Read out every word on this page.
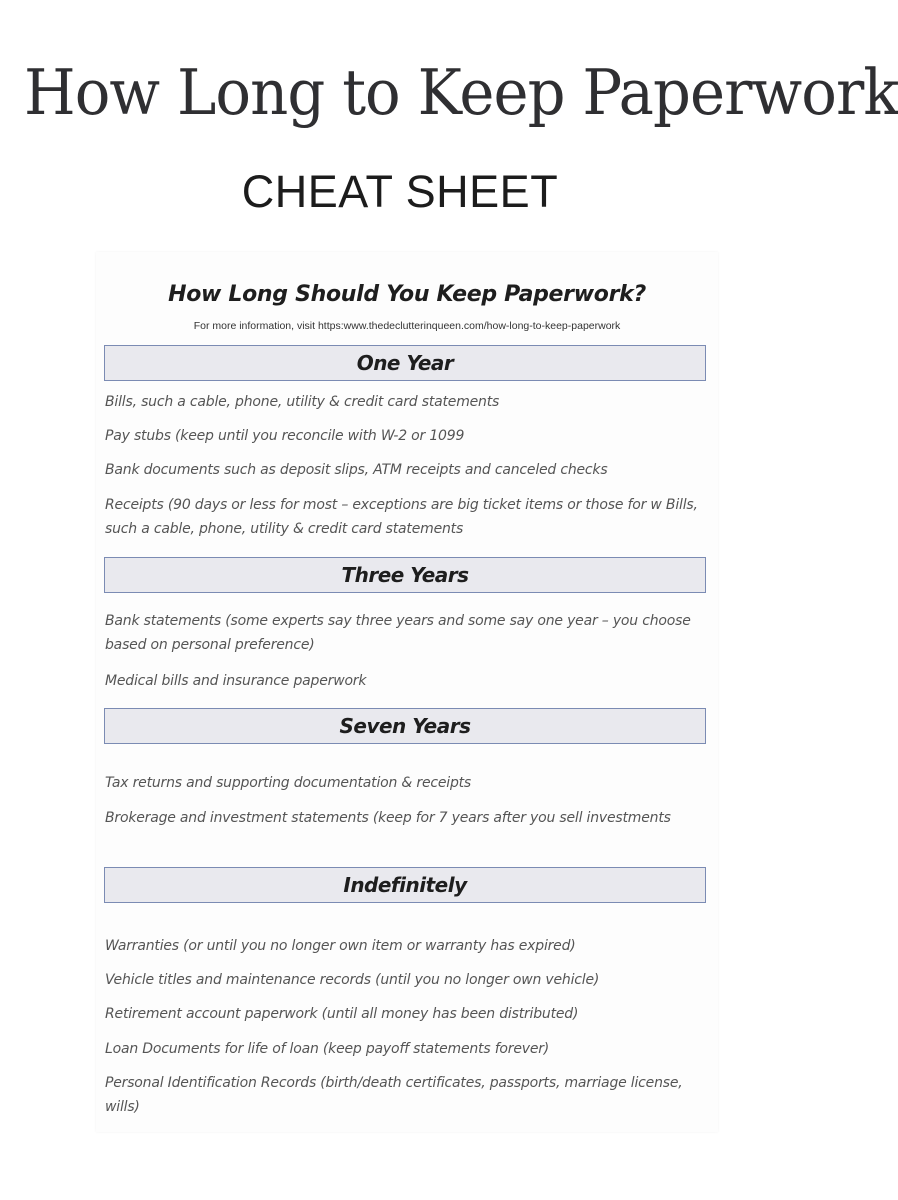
How Long to Keep Paperwork
CHEAT SHEET
How Long Should You Keep Paperwork?
For more information, visit https:www.thedeclutterinqueen.com/how-long-to-keep-paperwork
One Year
Bills, such a cable, phone, utility & credit card statements
Pay stubs (keep until you reconcile with W-2 or 1099
Bank documents such as deposit slips, ATM receipts and canceled checks
Receipts (90 days or less for most – exceptions are big ticket items or those for w Bills, such a cable, phone, utility & credit card statements
Three Years
Bank statements (some experts say three years and some say one year – you choose based on personal preference)
Medical bills and insurance paperwork
Seven Years
Tax returns and supporting documentation & receipts
Brokerage and investment statements (keep for 7 years after you sell investments
Indefinitely
Warranties (or until you no longer own item or warranty has expired)
Vehicle titles and maintenance records (until you no longer own vehicle)
Retirement account paperwork (until all money has been distributed)
Loan Documents for life of loan (keep payoff statements forever)
Personal Identification Records (birth/death certificates, passports, marriage license, wills)
